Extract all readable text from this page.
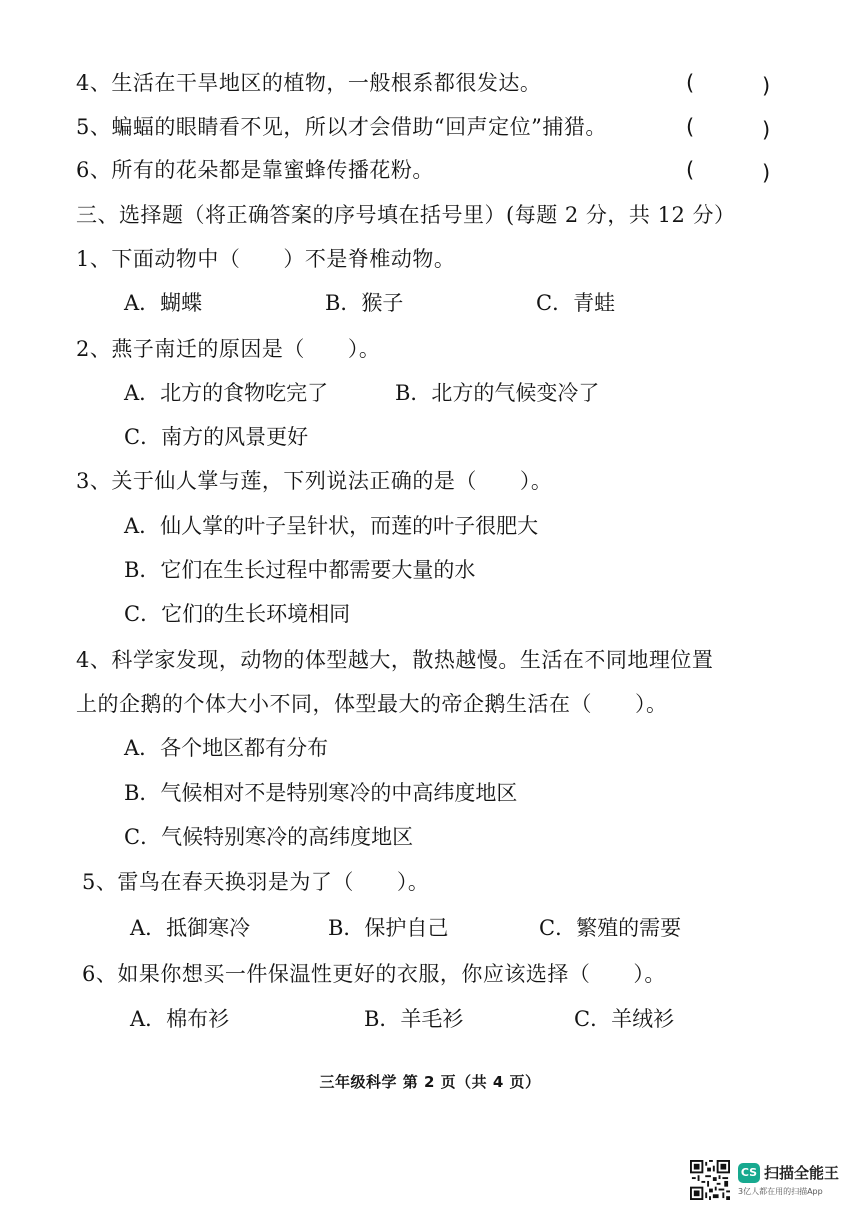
4、生活在干旱地区的植物，一般根系都很发达。	(	)
5、蝙蝠的眼睛看不见，所以才会借助“回声定位”捕猎。	(	)
6、所有的花朵都是靠蜜蜂传播花粉。	(	)
三、选择题（将正确答案的序号填在括号里）(每题 2 分，共 12 分）
1、下面动物中（　　）不是脊椎动物。
A．蝴蝶	B．猴子	C．青蛙
2、燕子南迁的原因是（　　）。
A．北方的食物吃完了	B．北方的气候变冷了
C．南方的风景更好
3、关于仙人掌与莲，下列说法正确的是（　　）。
A．仙人掌的叶子呈针状，而莲的叶子很肥大
B．它们在生长过程中都需要大量的水
C．它们的生长环境相同
4、科学家发现，动物的体型越大，散热越慢。生活在不同地理位置
上的企鹅的个体大小不同，体型最大的帝企鹅生活在（　　）。
A．各个地区都有分布
B．气候相对不是特别寒冷的中高纬度地区
C．气候特别寒冷的高纬度地区
5、雷鸟在春天换羽是为了（　　）。
A．抵御寒冷	B．保护自己	C．繁殖的需要
6、如果你想买一件保温性更好的衣服，你应该选择（　　）。
A．棉布衫	B．羊毛衫	C．羊绒衫
三年级科学 第 2 页（共 4 页）
CS 扫描全能王
3亿人都在用的扫描App
